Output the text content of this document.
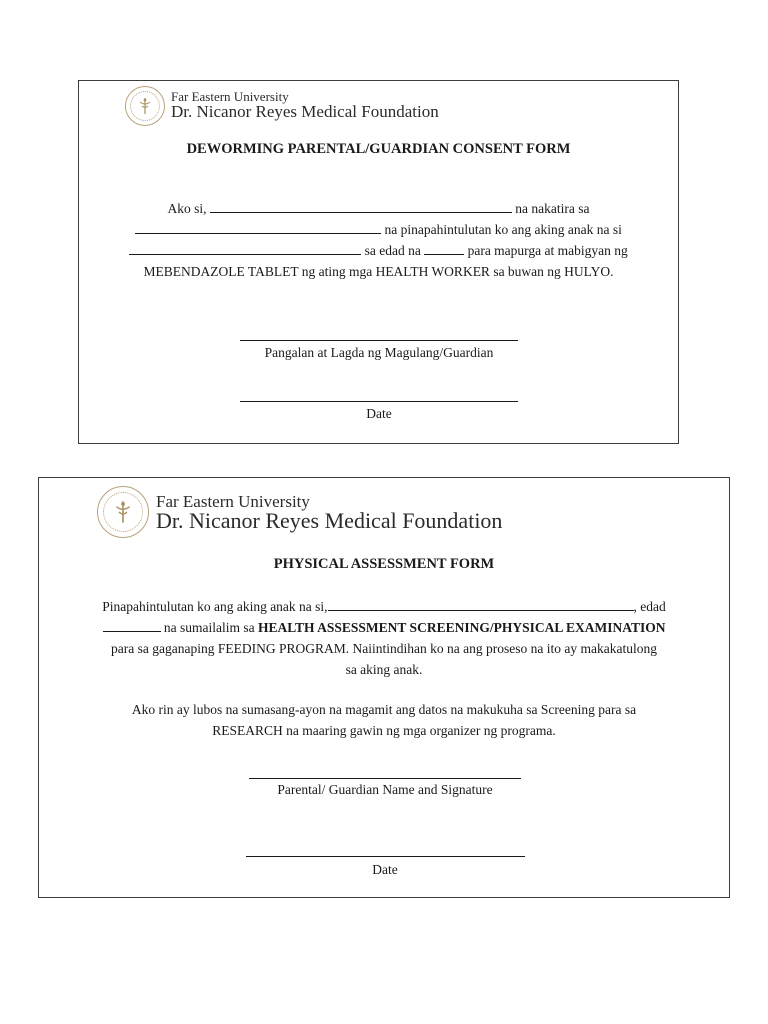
Far Eastern University
Dr. Nicanor Reyes Medical Foundation
DEWORMING PARENTAL/GUARDIAN CONSENT FORM
Ako si,	na nakatira sa
na pinapahintulutan ko ang aking anak na si
sa edad na	para mapurga at mabigyan ng
MEBENDAZOLE TABLET ng ating mga HEALTH WORKER sa buwan ng HULYO.
Pangalan at Lagda ng Magulang/Guardian
Date
Far Eastern University
Dr. Nicanor Reyes Medical Foundation
PHYSICAL ASSESSMENT FORM
Pinapahintulutan ko ang aking anak na si,	, edad
na sumailalim sa HEALTH ASSESSMENT SCREENING/PHYSICAL EXAMINATION
para sa gaganaping FEEDING PROGRAM. Naiintindihan ko na ang proseso na ito ay makakatulong
sa aking anak.
Ako rin ay lubos na sumasang-ayon na magamit ang datos na makukuha sa Screening para sa
RESEARCH na maaring gawin ng mga organizer ng programa.
Parental/ Guardian Name and Signature
Date
